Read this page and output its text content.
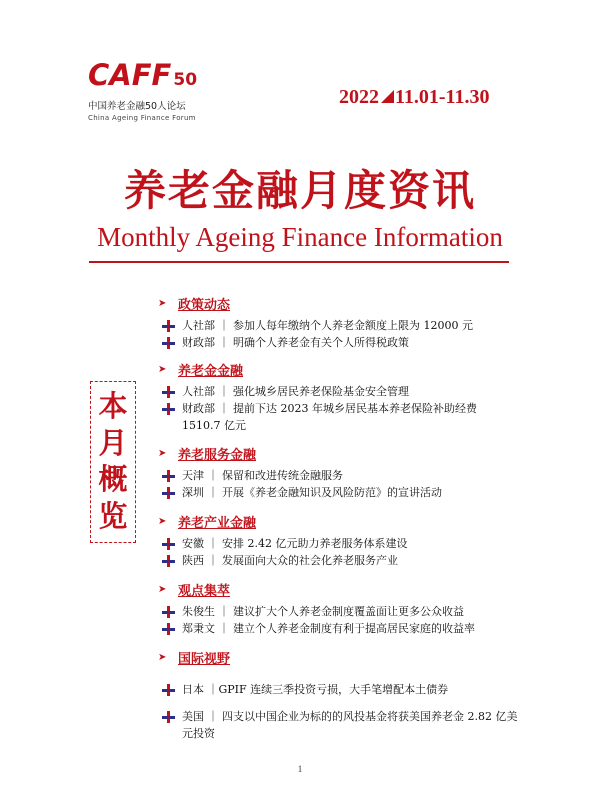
CAFF 50
中国养老金融50人论坛
China Ageing Finance Forum
2022 11.01-11.30
养老金融月度资讯
Monthly Ageing Finance Information
本
月
概
览
➤ 政策动态
人社部 ｜ 参加人每年缴纳个人养老金额度上限为 12000 元
财政部 ｜ 明确个人养老金有关个人所得税政策
➤ 养老金金融
人社部 ｜ 强化城乡居民养老保险基金安全管理
财政部 ｜ 提前下达 2023 年城乡居民基本养老保险补助经费 1510.7 亿元
➤ 养老服务金融
天津 ｜ 保留和改进传统金融服务
深圳 ｜ 开展《养老金融知识及风险防范》的宣讲活动
➤ 养老产业金融
安徽 ｜ 安排 2.42 亿元助力养老服务体系建设
陕西 ｜ 发展面向大众的社会化养老服务产业
➤ 观点集萃
朱俊生 ｜ 建议扩大个人养老金制度覆盖面让更多公众收益
郑秉文 ｜ 建立个人养老金制度有利于提高居民家庭的收益率
➤ 国际视野
日本 ｜GPIF 连续三季投资亏损，大手笔增配本土债券
美国 ｜ 四支以中国企业为标的的风投基金将获美国养老金 2.82 亿美元投资
1
